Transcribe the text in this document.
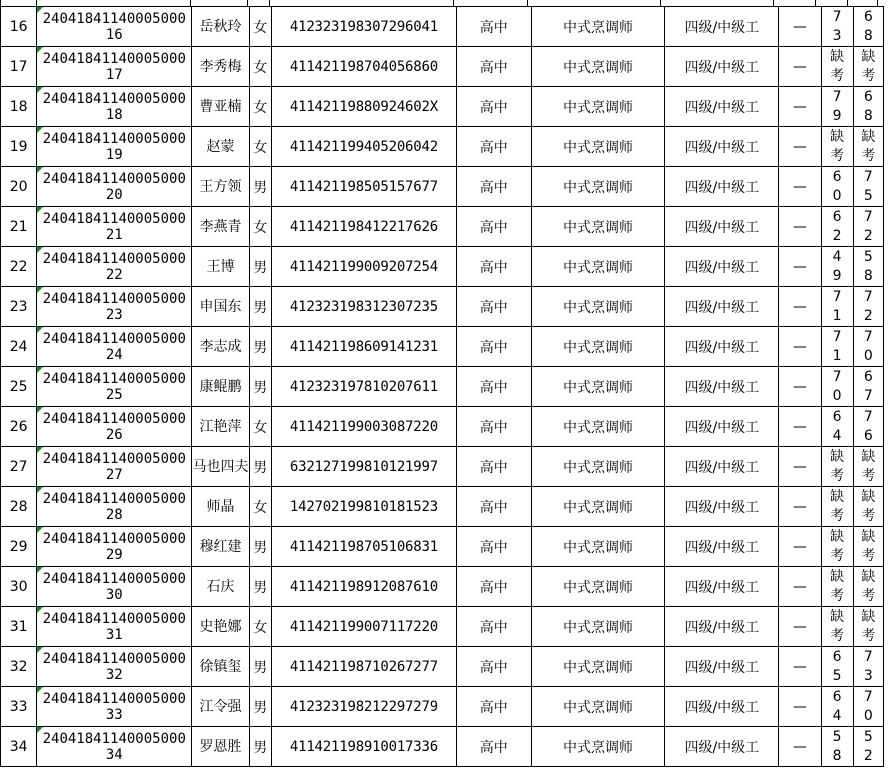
16	2404184114000500016	岳秋玲	女	412323198307296041	高中	中式烹调师	四级/中级工	—	73	68

17	2404184114000500017	李秀梅	女	411421198704056860	高中	中式烹调师	四级/中级工	—	缺考	缺考

18	2404184114000500018	曹亚楠	女	41142119880924602X	高中	中式烹调师	四级/中级工	—	79	68

19	2404184114000500019	赵蒙	女	411421199405206042	高中	中式烹调师	四级/中级工	—	缺考	缺考

20	2404184114000500020	王方领	男	411421198505157677	高中	中式烹调师	四级/中级工	—	60	75

21	2404184114000500021	李燕青	女	411421198412217626	高中	中式烹调师	四级/中级工	—	62	72

22	2404184114000500022	王博	男	411421199009207254	高中	中式烹调师	四级/中级工	—	49	58

23	2404184114000500023	申国东	男	412323198312307235	高中	中式烹调师	四级/中级工	—	71	72

24	2404184114000500024	李志成	男	411421198609141231	高中	中式烹调师	四级/中级工	—	71	70

25	2404184114000500025	康鲲鹏	男	412323197810207611	高中	中式烹调师	四级/中级工	—	70	67

26	2404184114000500026	江艳萍	女	411421199003087220	高中	中式烹调师	四级/中级工	—	64	76

27	2404184114000500027	马也四夫	男	632127199810121997	高中	中式烹调师	四级/中级工	—	缺考	缺考

28	2404184114000500028	师晶	女	142702199810181523	高中	中式烹调师	四级/中级工	—	缺考	缺考

29	2404184114000500029	穆红建	男	411421198705106831	高中	中式烹调师	四级/中级工	—	缺考	缺考

30	2404184114000500030	石庆	男	411421198912087610	高中	中式烹调师	四级/中级工	—	缺考	缺考

31	2404184114000500031	史艳娜	女	411421199007117220	高中	中式烹调师	四级/中级工	—	缺考	缺考

32	2404184114000500032	徐镇玺	男	411421198710267277	高中	中式烹调师	四级/中级工	—	65	73

33	2404184114000500033	江令强	男	412323198212297279	高中	中式烹调师	四级/中级工	—	64	70

34	2404184114000500034	罗恩胜	男	411421198910017336	高中	中式烹调师	四级/中级工	—	58	52
